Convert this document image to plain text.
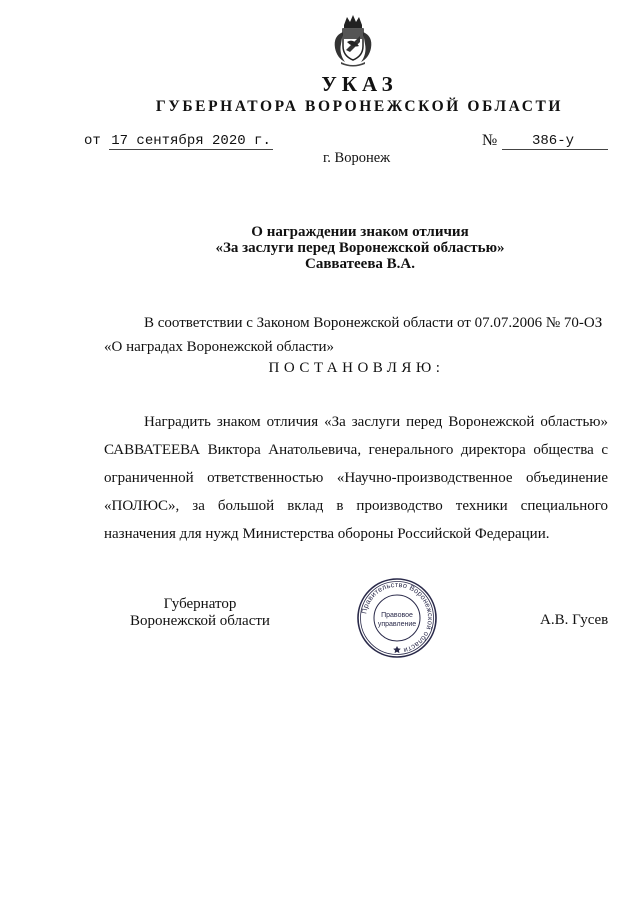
УКАЗ
ГУБЕРНАТОРА ВОРОНЕЖСКОЙ ОБЛАСТИ
от 17 сентября 2020 г.	№	386-у
г. Воронеж
О награждении знаком отличия
«За заслуги перед Воронежской областью»
Савватеева В.А.

В соответствии с Законом Воронежской области от 07.07.2006 № 70-ОЗ «О наградах Воронежской области»

ПОСТАНОВЛЯЮ:

Наградить знаком отличия «За заслуги перед Воронежской областью» САВВАТЕЕВА Виктора Анатольевича, генерального директора общества с ограниченной ответственностью «Научно-производственное объединение «ПОЛЮС», за большой вклад в производство техники специального назначения для нужд Министерства обороны Российской Федерации.

Губернатор
Воронежской области
Правительство Воронежской области
Правовое
управление	А.В. Гусев
